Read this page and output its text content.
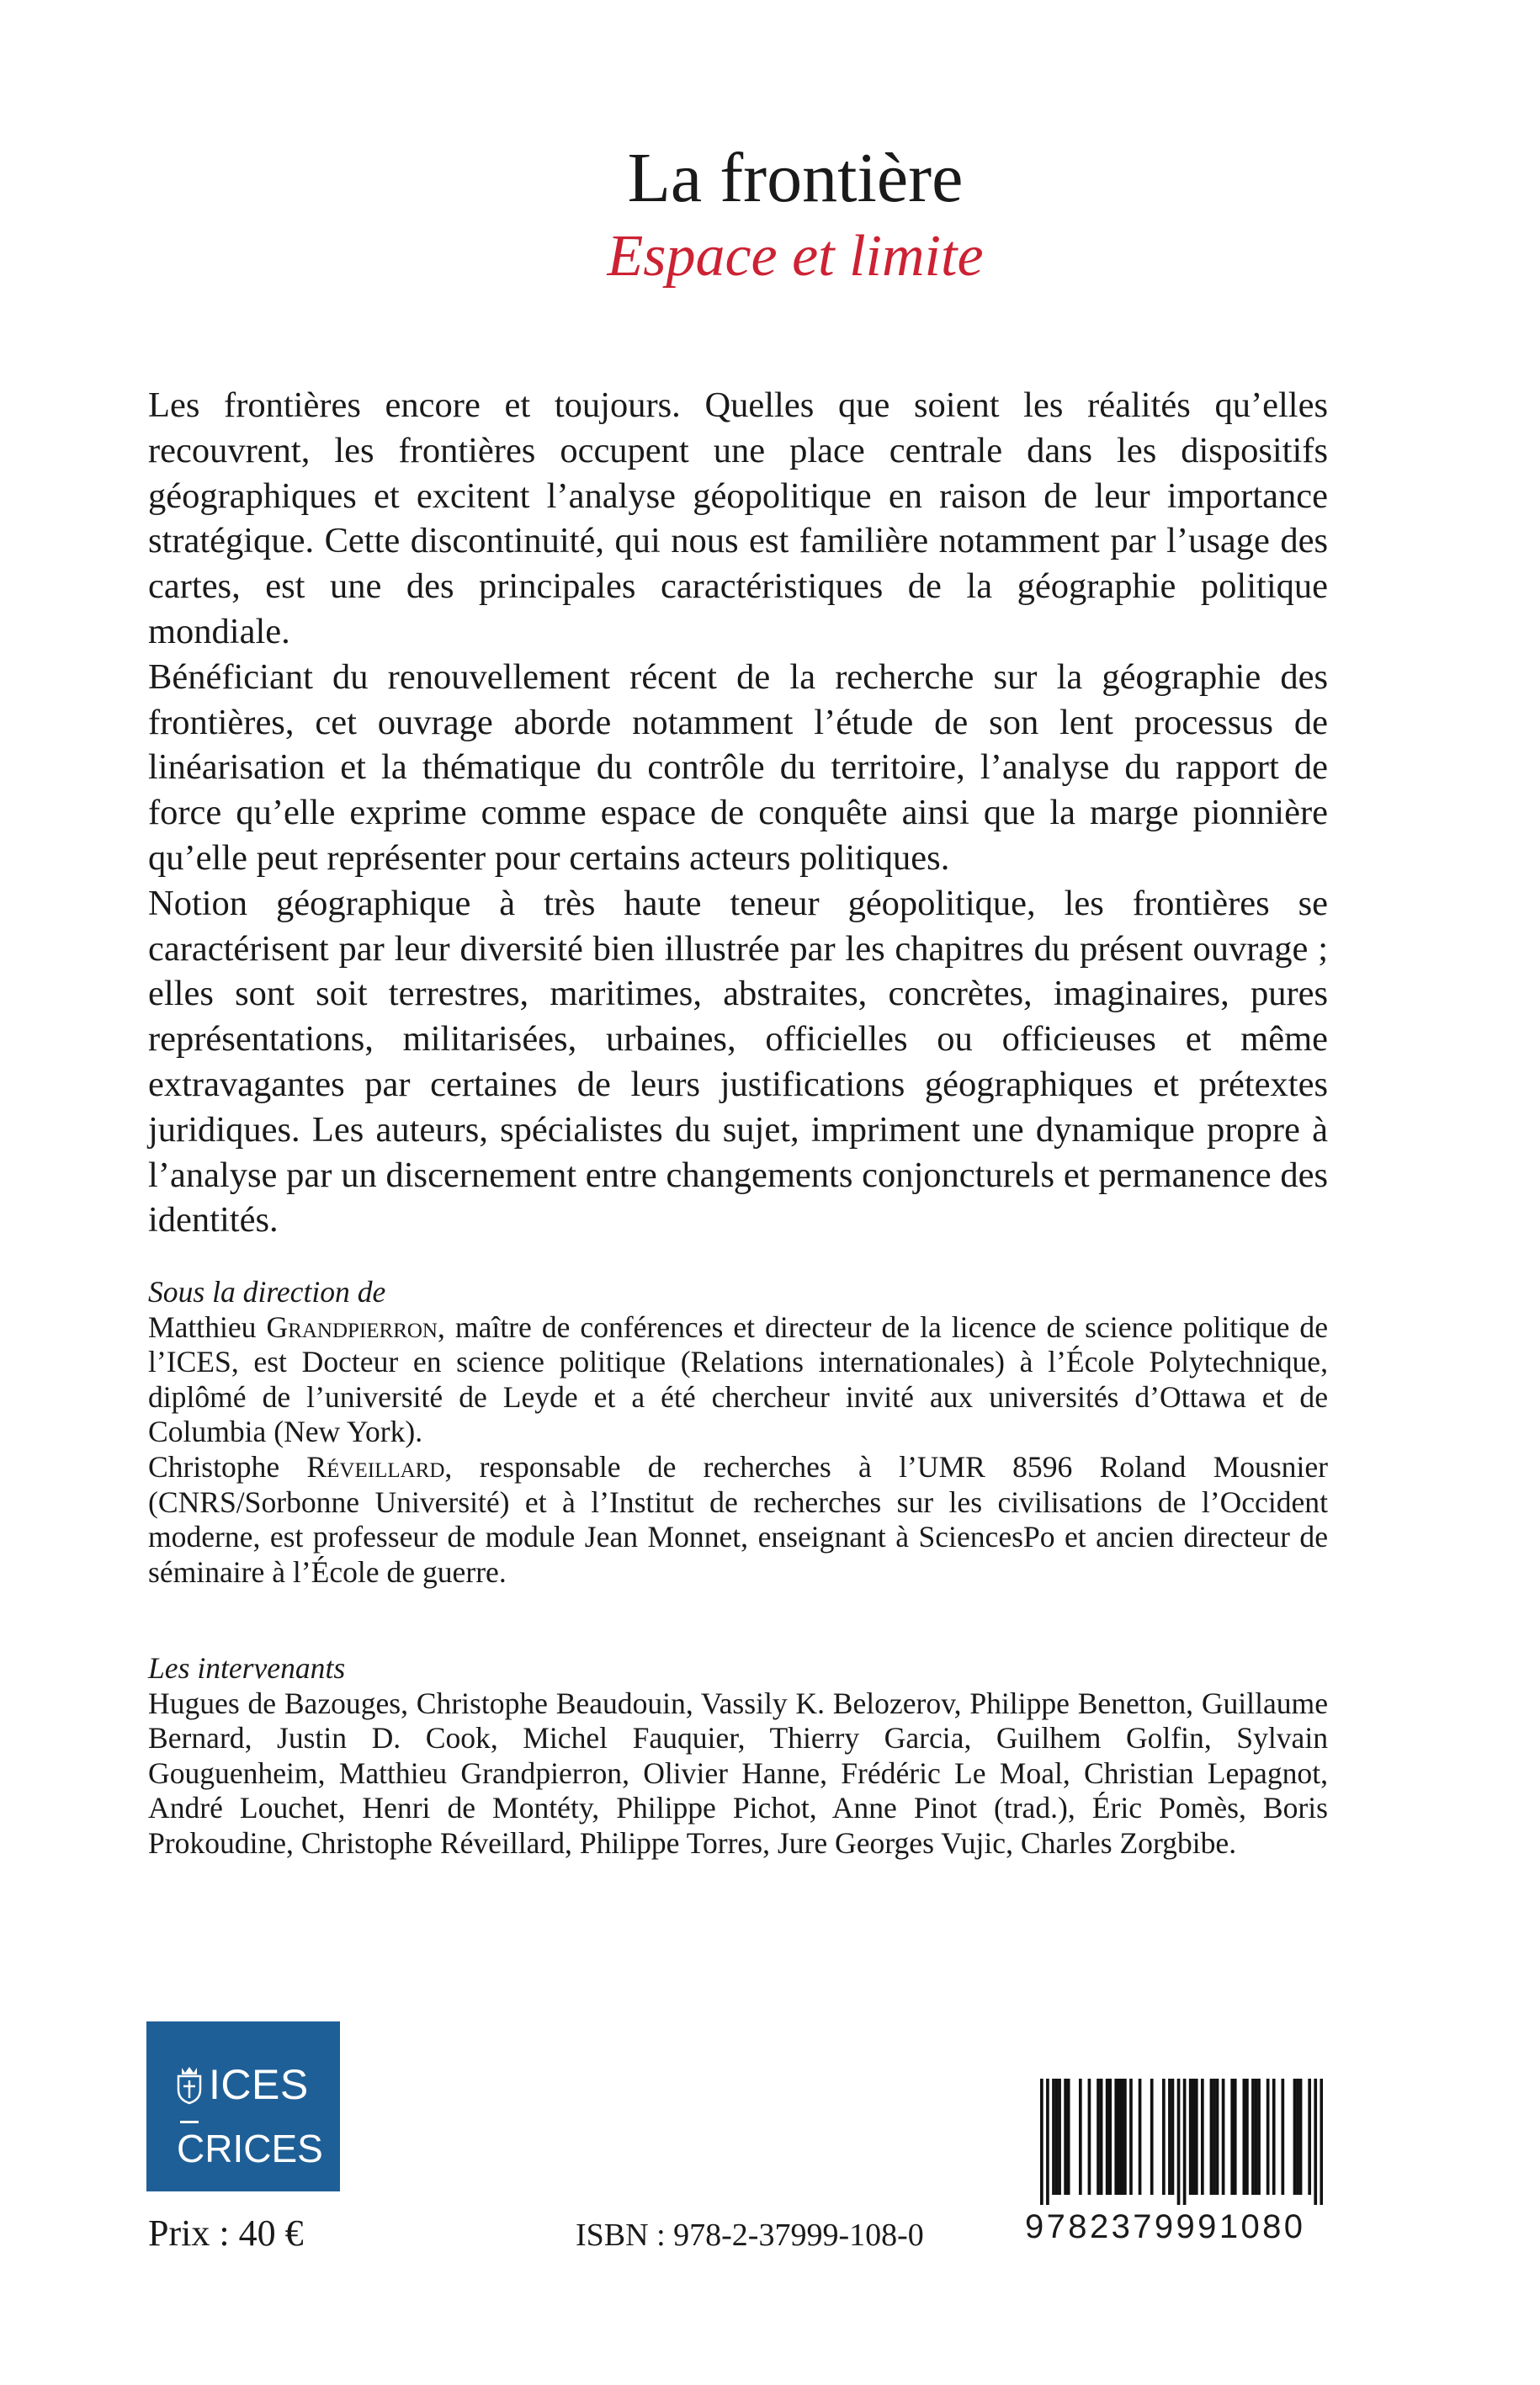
La frontière
Espace et limite

Les frontières encore et toujours. Quelles que soient les réalités qu’elles recouvrent, les frontières occupent une place centrale dans les dispositifs géographiques et excitent l’analyse géopolitique en raison de leur importance stratégique. Cette discontinuité, qui nous est familière notamment par l’usage des cartes, est une des principales caractéristiques de la géographie politique mondiale.

Bénéficiant du renouvellement récent de la recherche sur la géographie des frontières, cet ouvrage aborde notamment l’étude de son lent processus de linéarisation et la thématique du contrôle du territoire, l’analyse du rapport de force qu’elle exprime comme espace de conquête ainsi que la marge pionnière qu’elle peut représenter pour certains acteurs politiques.

Notion géographique à très haute teneur géopolitique, les frontières se caractérisent par leur diversité bien illustrée par les chapitres du présent ouvrage ; elles sont soit terrestres, maritimes, abstraites, concrètes, imaginaires, pures représentations, militarisées, urbaines, officielles ou officieuses et même extravagantes par certaines de leurs justifications géographiques et prétextes juridiques. Les auteurs, spécialistes du sujet, impriment une dynamique propre à l’analyse par un discernement entre changements conjoncturels et permanence des identités.

Sous la direction de

Matthieu Grandpierron, maître de conférences et directeur de la licence de science politique de l’ICES, est Docteur en science politique (Relations internationales) à l’École Polytechnique, diplômé de l’université de Leyde et a été chercheur invité aux universités d’Ottawa et de Columbia (New York).

Christophe Réveillard, responsable de recherches à l’UMR 8596 Roland Mousnier (CNRS/Sorbonne Université) et à l’Institut de recherches sur les civilisations de l’Occident moderne, est professeur de module Jean Monnet, enseignant à SciencesPo et ancien directeur de séminaire à l’École de guerre.

Les intervenants

Hugues de Bazouges, Christophe Beaudouin, Vassily K. Belozerov, Philippe Benetton, Guillaume Bernard, Justin D. Cook, Michel Fauquier, Thierry Garcia, Guilhem Golfin, Sylvain Gouguenheim, Matthieu Grandpierron, Olivier Hanne, Frédéric Le Moal, Christian Lepagnot, André Louchet, Henri de Montéty, Philippe Pichot, Anne Pinot (trad.), Éric Pomès, Boris Prokoudine, Christophe Réveillard, Philippe Torres, Jure Georges Vujic, Charles Zorgbibe.

ICES
CRICES
Prix : 40 €	ISBN : 978-2-37999-108-0	9782379991080
